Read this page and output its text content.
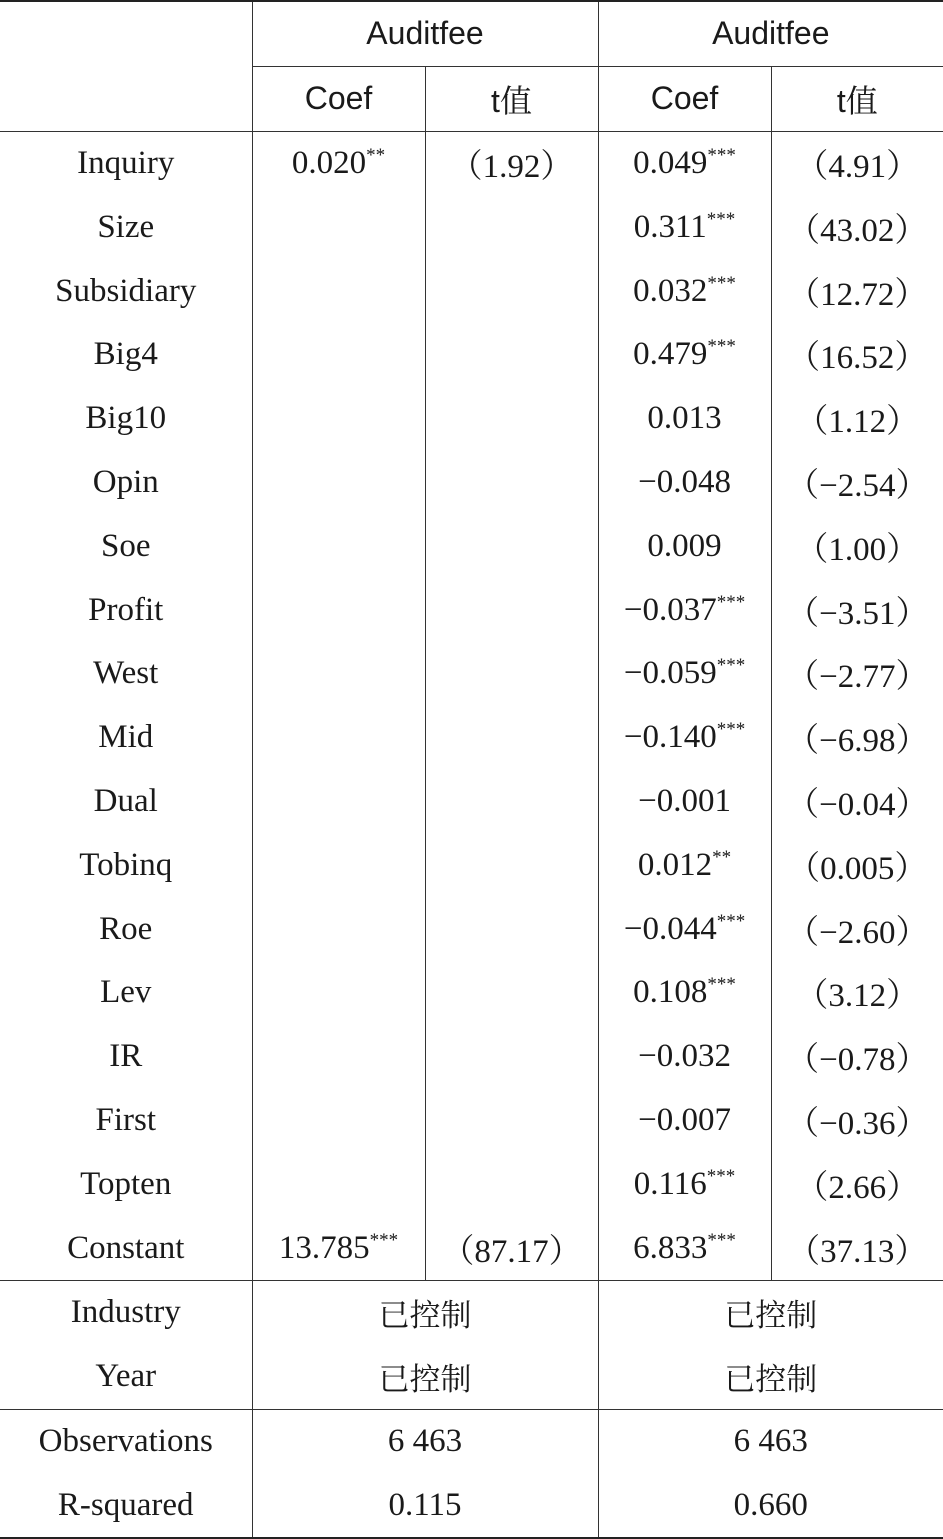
	Auditfee		Auditfee	
	Coef	t值	Coef	t值
Inquiry	0.020**	（1.92）	0.049***	（4.91）
Size			0.311***	（43.02）
Subsidiary			0.032***	（12.72）
Big4			0.479***	（16.52）
Big10			0.013	（1.12）
Opin			−0.048	（−2.54）
Soe			0.009	（1.00）
Profit			−0.037***	（−3.51）
West			−0.059***	（−2.77）
Mid			−0.140***	（−6.98）
Dual			−0.001	（−0.04）
Tobinq			0.012**	（0.005）
Roe			−0.044***	（−2.60）
Lev			0.108***	（3.12）
IR			−0.032	（−0.78）
First			−0.007	（−0.36）
Topten			0.116***	（2.66）
Constant	13.785***	（87.17）	6.833***	（37.13）
Industry	已控制		已控制	
Year	已控制		已控制	
Observations	6 463		6 463	
R-squared	0.115		0.660	
